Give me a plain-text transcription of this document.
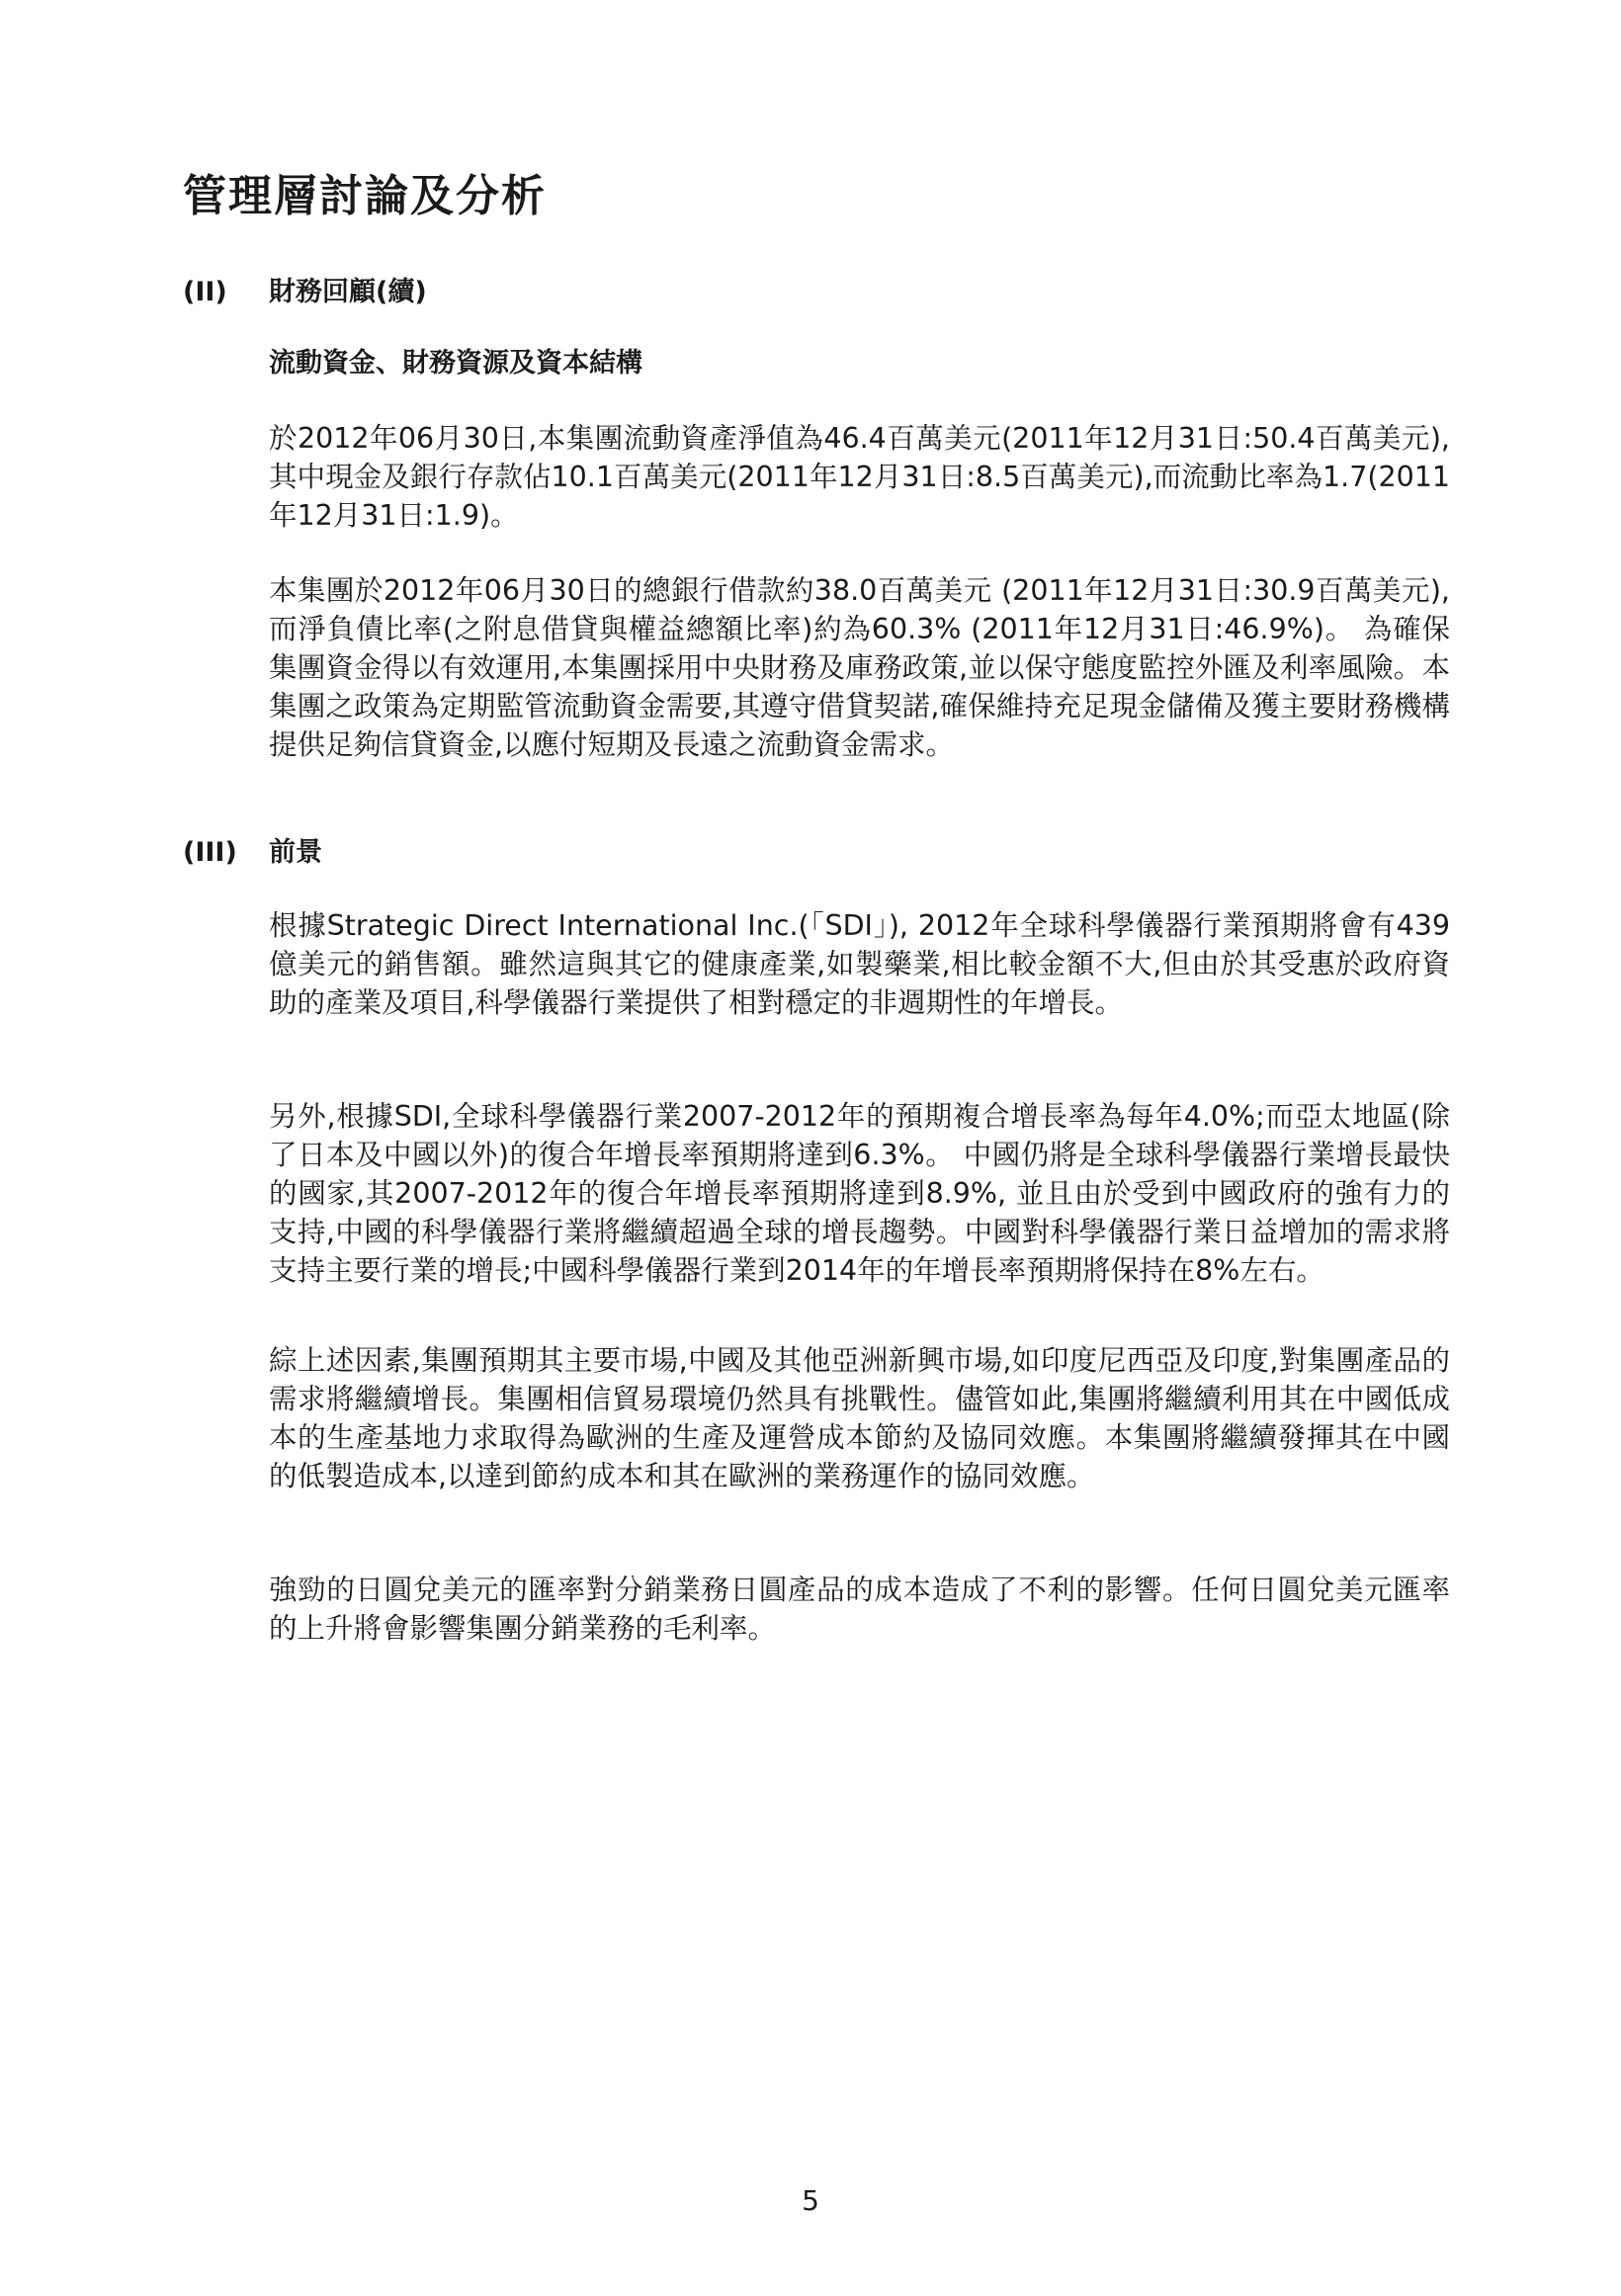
管理層討論及分析
(II) 財務回顧(續)
流動資金、財務資源及資本結構

於2012年06月30日,本集團流動資產淨值為46.4百萬美元(2011年12月31日:50.4百萬美元),其中現金及銀行存款佔10.1百萬美元(2011年12月31日:8.5百萬美元),而流動比率為1.7(2011年12月31日:1.9)。

本集團於2012年06月30日的總銀行借款約38.0百萬美元 (2011年12月31日:30.9百萬美元),而淨負債比率(之附息借貸與權益總額比率)約為60.3% (2011年12月31日:46.9%)。 為確保集團資金得以有效運用,本集團採用中央財務及庫務政策,並以保守態度監控外匯及利率風險。本集團之政策為定期監管流動資金需要,其遵守借貸契諾,確保維持充足現金儲備及獲主要財務機構提供足夠信貸資金,以應付短期及長遠之流動資金需求。

(III) 前景

根據Strategic Direct International Inc.(「SDI」), 2012年全球科學儀器行業預期將會有439億美元的銷售額。雖然這與其它的健康產業,如製藥業,相比較金額不大,但由於其受惠於政府資助的產業及項目,科學儀器行業提供了相對穩定的非週期性的年增長。

另外,根據SDI,全球科學儀器行業2007-2012年的預期複合增長率為每年4.0%;而亞太地區(除了日本及中國以外)的復合年增長率預期將達到6.3%。 中國仍將是全球科學儀器行業增長最快的國家,其2007-2012年的復合年增長率預期將達到8.9%, 並且由於受到中國政府的強有力的支持,中國的科學儀器行業將繼續超過全球的增長趨勢。中國對科學儀器行業日益增加的需求將支持主要行業的增長;中國科學儀器行業到2014年的年增長率預期將保持在8%左右。

綜上述因素,集團預期其主要市場,中國及其他亞洲新興市場,如印度尼西亞及印度,對集團產品的需求將繼續增長。集團相信貿易環境仍然具有挑戰性。儘管如此,集團將繼續利用其在中國低成本的生產基地力求取得為歐洲的生產及運營成本節約及協同效應。本集團將繼續發揮其在中國的低製造成本,以達到節約成本和其在歐洲的業務運作的協同效應。

強勁的日圓兌美元的匯率對分銷業務日圓產品的成本造成了不利的影響。任何日圓兌美元匯率的上升將會影響集團分銷業務的毛利率。

5
